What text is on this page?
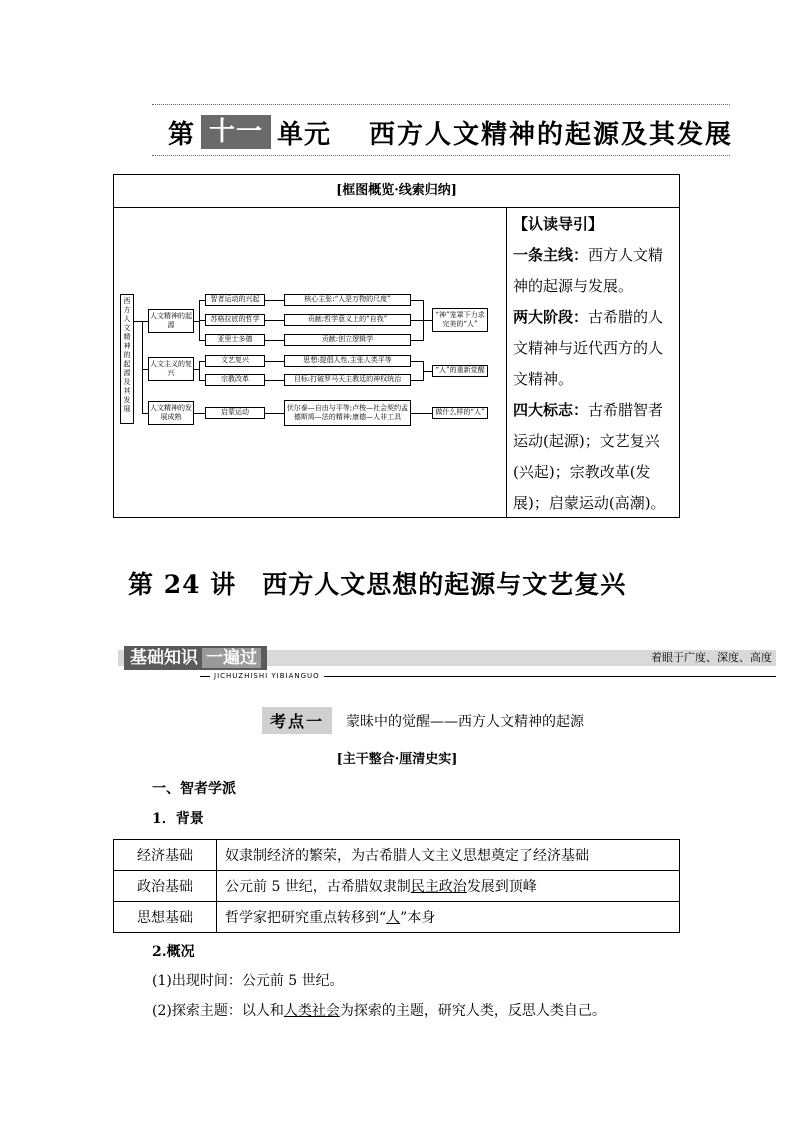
第 十一 单元 西方人文精神的起源及其发展
[框图概览·线索归纳]
西方人文精神的起源及其发展
人文精神的起源
人文主义的复兴
人文精神的发展成熟
智者运动的兴起
苏格拉底的哲学
亚里士多德
文艺复兴
宗教改革
启蒙运动
核心主张:“人是万物的尺度”
贡献:哲学意义上的“自我”
贡献:创立逻辑学
思想:提倡人性,主张人类平等
目标:打破罗马天主教廷的神权统治
伏尔泰—自由与平等;卢梭—社会契约孟德斯鸠—法的精神;康德—人非工具
“神”笼罩下力求完美的“人”
“人”的重新觉醒
做什么样的“人”
【认读导引】
一条主线：西方人文精神的起源与发展。
两大阶段：古希腊的人文精神与近代西方的人文精神。
四大标志：古希腊智者运动(起源)；文艺复兴(兴起)；宗教改革(发展)；启蒙运动(高潮)。
第 24 讲　西方人文思想的起源与文艺复兴
基础知识 一遍过	着眼于广度、深度、高度
JICHUZHISHI YIBIANGUO
考点一	蒙昧中的觉醒——西方人文精神的起源
[主干整合·厘清史实]
一、智者学派
1．背景
经济基础	奴隶制经济的繁荣，为古希腊人文主义思想奠定了经济基础
政治基础	公元前 5 世纪，古希腊奴隶制民主政治发展到顶峰
思想基础	哲学家把研究重点转移到“人”本身
2.概况
(1)出现时间：公元前 5 世纪。
(2)探索主题：以人和人类社会为探索的主题，研究人类，反思人类自己。
